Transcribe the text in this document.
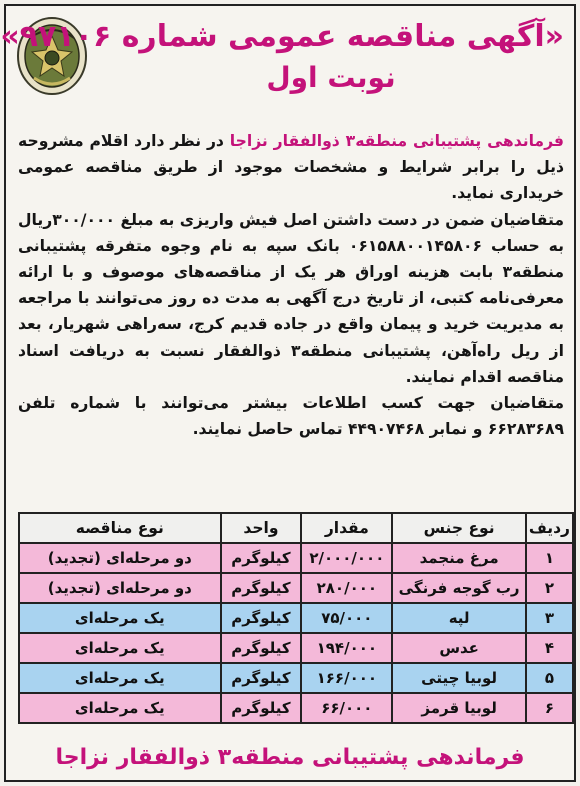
«آگهی مناقصه عمومی شماره ۹۷۱۰۶»
نوبت اول

فرماندهی پشتیبانی منطقه۳ ذوالفقار نزاجا در نظر دارد اقلام مشروحه ذیل را برابر شرایط و مشخصات موجود از طریق مناقصه عمومی خریداری نماید.

متقاضیان ضمن در دست داشتن اصل فیش واریزی به مبلغ ۳۰۰/۰۰۰ریال به حساب ۰۶۱۵۸۸۰۰۱۴۵۸۰۶ بانک سپه به نام وجوه متفرقه پشتیبانی منطقه۳ بابت هزینه اوراق هر یک از مناقصه‌های موصوف و با ارائه معرفی‌نامه کتبی، از تاریخ درج آگهی به مدت ده روز می‌توانند با مراجعه به مدیریت خرید و پیمان واقع در جاده قدیم کرج، سه‌راهی شهریار، بعد از ریل راه‌آهن، پشتیبانی منطقه۳ ذوالفقار نسبت به دریافت اسناد مناقصه اقدام نمایند.

متقاضیان جهت کسب اطلاعات بیشتر می‌توانند با شماره تلفن ۶۶۲۸۳۶۸۹ و نمابر ۴۴۹۰۷۴۶۸ تماس حاصل نمایند.

ردیف	نوع جنس	مقدار	واحد	نوع مناقصه
۱	مرغ منجمد	۲/۰۰۰/۰۰۰	کیلوگرم	دو مرحله‌ای (تجدید)
۲	رب گوجه فرنگی	۲۸۰/۰۰۰	کیلوگرم	دو مرحله‌ای (تجدید)
۳	لپه	۷۵/۰۰۰	کیلوگرم	یک مرحله‌ای
۴	عدس	۱۹۴/۰۰۰	کیلوگرم	یک مرحله‌ای
۵	لوبیا چیتی	۱۶۶/۰۰۰	کیلوگرم	یک مرحله‌ای
۶	لوبیا قرمز	۶۶/۰۰۰	کیلوگرم	یک مرحله‌ای
فرماندهی پشتیبانی منطقه۳ ذوالفقار نزاجا
